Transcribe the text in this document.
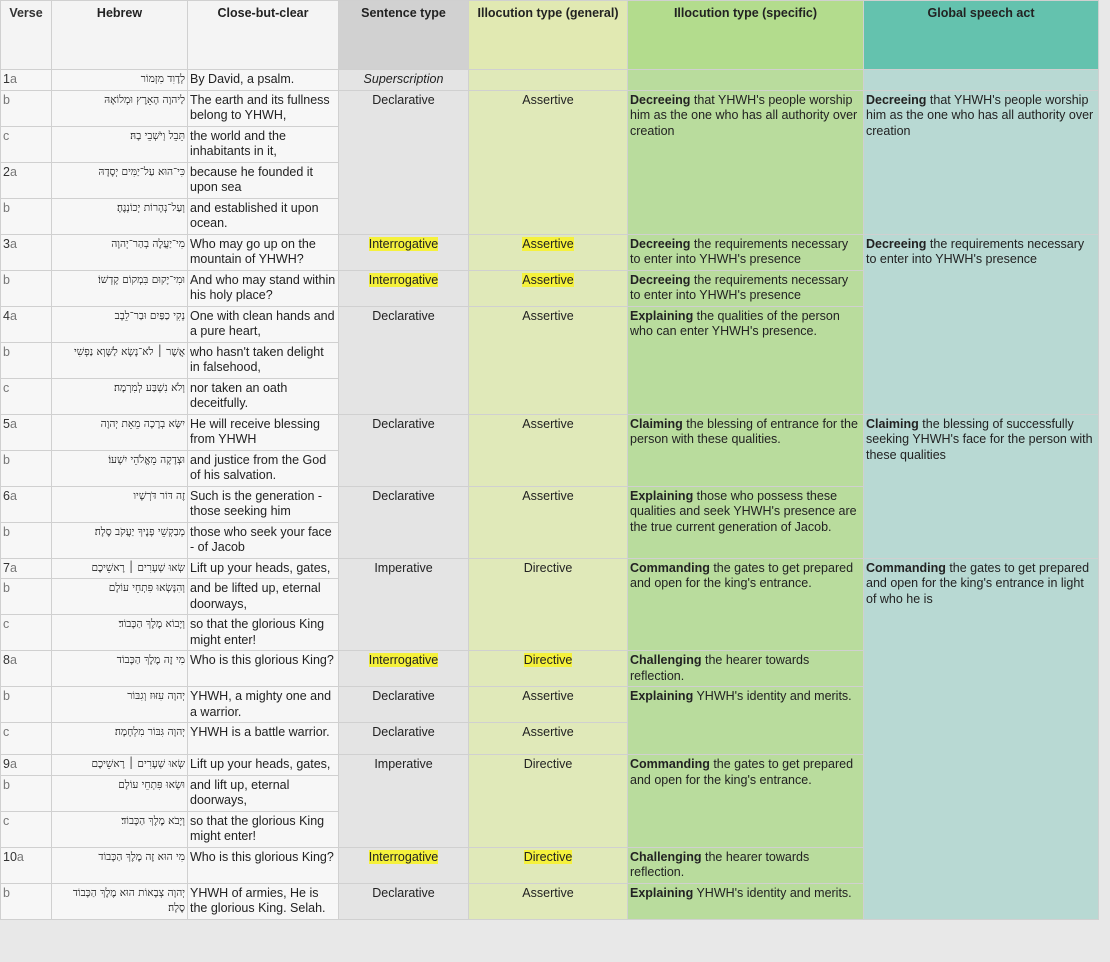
Verse	Hebrew	Close-but-clear	Sentence type	Illocution type (general)	Illocution type (specific)	Global speech act
1a	לְדָוִד מִזְמוֹר	By David, a psalm.	Superscription			
b	לַיהוָה הָאָרֶץ וּמְלוֹאָהּ	The earth and its fullness belong to YHWH,	Declarative	Assertive	Decreeing that YHWH's people worship him as the one who has all authority over creation	Decreeing that YHWH's people worship him as the one who has all authority over creation
c	תֵּבֵל וְיֹשְׁבֵי בָהּ׃	the world and the inhabitants in it,				
2a	כִּי־הוּא עַל־יַמִּים יְסָדָהּ	because he founded it upon sea				
b	וְעַל־נְהָרוֹת יְכוֹנְנֶהָ׃	and established it upon ocean.				
3a	מִי־יַעֲלֶה בְהַר־יְהוָה	Who may go up on the mountain of YHWH?	Interrogative	Assertive	Decreeing the requirements necessary to enter into YHWH's presence	Decreeing the requirements necessary to enter into YHWH's presence
b	וּמִי־יָקוּם בִּמְקוֹם קָדְשׁוֹ׃	And who may stand within his holy place?	Interrogative	Assertive	Decreeing the requirements necessary to enter into YHWH's presence	
4a	נְקִי כַפַּיִם וּבַר־לֵבָב	One with clean hands and a pure heart,	Declarative	Assertive	Explaining the qualities of the person who can enter YHWH's presence.	
b	אֲשֶׁר ׀ לֹא־נָשָׂא לַשָּׁוְא נַפְשִׁי	who hasn't taken delight in falsehood,				
c	וְלֹא נִשְׁבַּע לְמִרְמָה׃	nor taken an oath deceitfully.				
5a	יִשָּׂא בְרָכָה מֵאֵת יְהוָה	He will receive blessing from YHWH	Declarative	Assertive	Claiming the blessing of entrance for the person with these qualities.	Claiming the blessing of successfully seeking YHWH's face for the person with these qualities
b	וּצְדָקָה מֵאֱלֹהֵי יִשְׁעוֹ׃	and justice from the God of his salvation.				
6a	זֶה דּוֹר דֹּרְשָׁיו	Such is the generation - those seeking him	Declarative	Assertive	Explaining those who possess these qualities and seek YHWH's presence are the true current generation of Jacob.	
b	מְבַקְשֵׁי פָנֶיךָ יַעֲקֹב סֶלָה׃	those who seek your face - of Jacob				
7a	שְׂאוּ שְׁעָרִים ׀ רָאשֵׁיכֶם	Lift up your heads, gates,	Imperative	Directive	Commanding the gates to get prepared and open for the king's entrance.	Commanding the gates to get prepared and open for the king's entrance in light of who he is
b	וְהִנָּשְׂאוּ פִּתְחֵי עוֹלָם	and be lifted up, eternal doorways,				
c	וְיָבוֹא מֶלֶךְ הַכָּבוֹד׃	so that the glorious King might enter!				
8a	מִי זֶה מֶלֶךְ הַכָּבוֹד	Who is this glorious King?	Interrogative	Directive	Challenging the hearer towards reflection.	
b	יְהוָה עִזּוּז וְגִבּוֹר	YHWH, a mighty one and a warrior.	Declarative	Assertive	Explaining YHWH's identity and merits.	
c	יְהוָה גִּבּוֹר מִלְחָמָה׃	YHWH is a battle warrior.	Declarative	Assertive		
9a	שְׂאוּ שְׁעָרִים ׀ רָאשֵׁיכֶם	Lift up your heads, gates,	Imperative	Directive	Commanding the gates to get prepared and open for the king's entrance.	
b	וּשְׂאוּ פִּתְחֵי עוֹלָם	and lift up, eternal doorways,				
c	וְיָבֹא מֶלֶךְ הַכָּבוֹד׃	so that the glorious King might enter!				
10a	מִי הוּא זֶה מֶלֶךְ הַכָּבוֹד	Who is this glorious King?	Interrogative	Directive	Challenging the hearer towards reflection.	
b	יְהוָה צְבָאוֹת הוּא מֶלֶךְ הַכָּבוֹד סֶלָה׃	YHWH of armies, He is the glorious King. Selah.	Declarative	Assertive	Explaining YHWH's identity and merits.	
